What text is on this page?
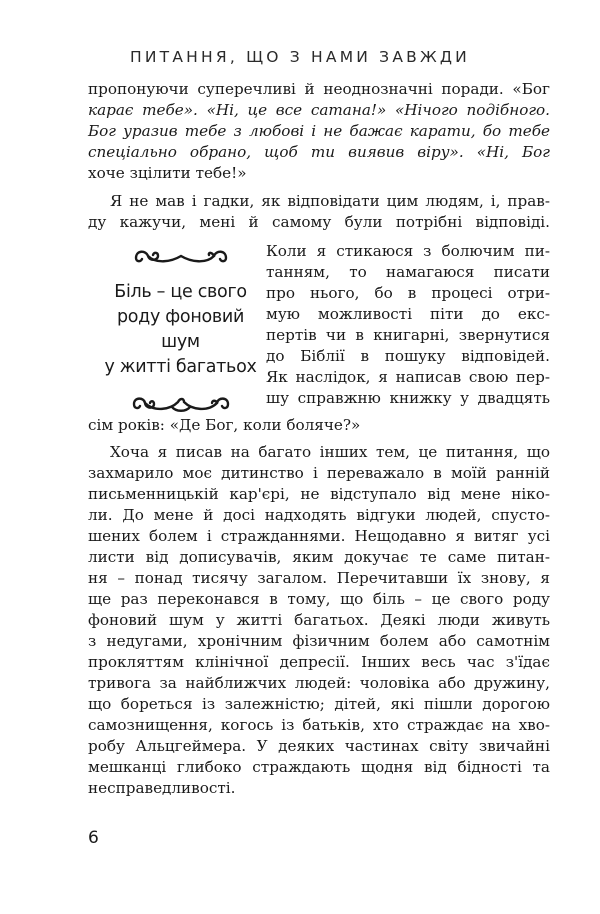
ПИТАННЯ, ЩО З НАМИ ЗАВЖДИ
пропонуючи суперечливі й неоднозначні поради. «Бог
карає тебе». «Ні, це все сатана!» «Нічого подібного.
Бог уразив тебе з любові і не бажає карати, бо тебе
спеціально обрано, щоб ти виявив віру». «Ні, Бог
хоче зцілити тебе!»
Я не мав і гадки, як відповідати цим людям, і, прав-
ду кажучи, мені й самому були потрібні відповіді.
Коли я стикаюся з болючим пи-
танням, то намагаюся писати
про нього, бо в процесі отри-
мую можливості піти до екс-
пертів чи в книгарні, звернутися
до Біблії в пошуку відповідей.
Як наслідок, я написав свою пер-
шу справжню книжку у двадцять
сім років: «Де Бог, коли боляче?»
Хоча я писав на багато інших тем, це питання, що
захмарило моє дитинство і переважало в моїй ранній
письменницькій кар'єрі, не відступало від мене ніко-
ли. До мене й досі надходять відгуки людей, спусто-
шених болем і стражданнями. Нещодавно я витяг усі
листи від дописувачів, яким докучає те саме питан-
ня – понад тисячу загалом. Перечитавши їх знову, я
ще раз переконався в тому, що біль – це свого роду
фоновий шум у житті багатьох. Деякі люди живуть
з недугами, хронічним фізичним болем або самотнім
прокляттям клінічної депресії. Інших весь час з'їдає
тривога за найближчих людей: чоловіка або дружину,
що бореться із залежністю; дітей, які пішли дорогою
самознищення, когось із батьків, хто страждає на хво-
робу Альцгеймера. У деяких частинах світу звичайні
мешканці глибоко страждають щодня від бідності та
несправедливості.
Біль – це свого
роду фоновий шум
у житті багатьох
6
